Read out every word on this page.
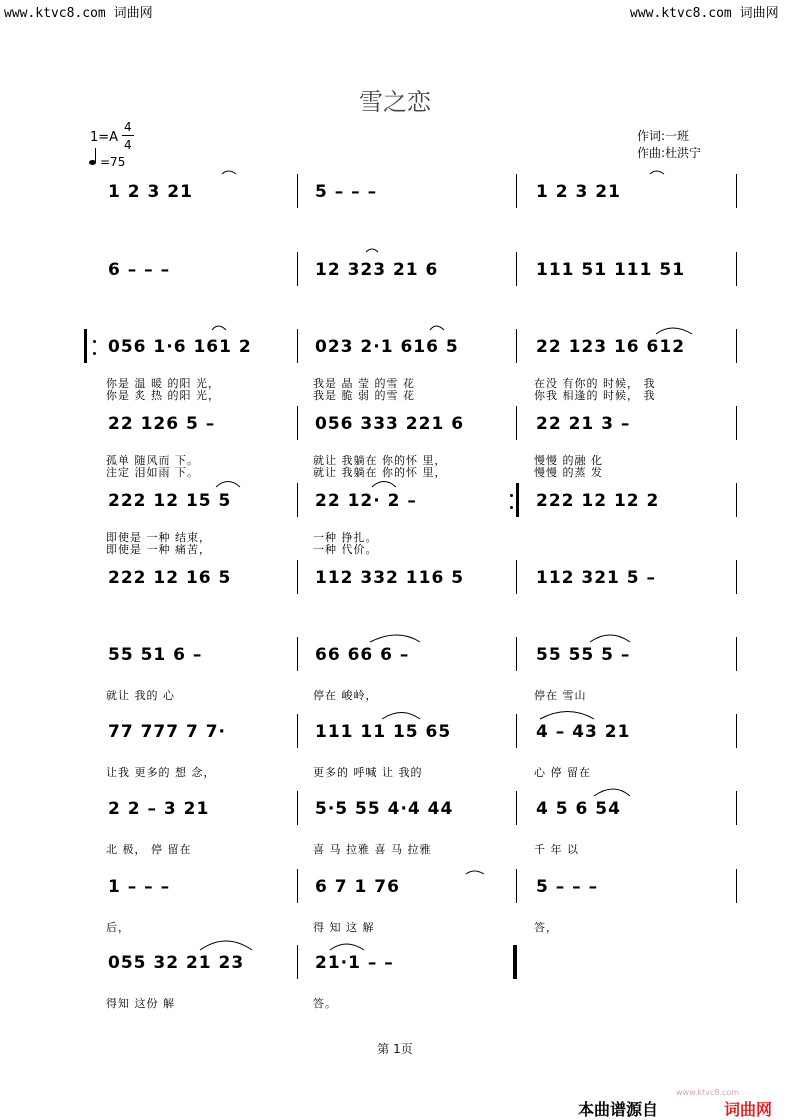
www.ktvc8.com 词曲网	www.ktvc8.com 词曲网
雪之恋
1=A
4
4
=75
作词:一班
作曲:杜洪宁
1 2 3 21	5 – – –	1 2 3 21
6 – – –	12 323 21 6	111 51 111 51
056 1·6 161 2	023 2·1 616 5	22 123 16 612
你是 温 暖 的阳 光，	我是 晶 莹 的雪 花	在没 有你的 时候， 我
你是 炙 热 的阳 光，	我是 脆 弱 的雪 花	你我 相逢的 时候， 我
22 126 5 –	056 333 221 6	22 21 3 –
孤单 随风而 下。	就让 我躺在 你的怀 里，	慢慢 的融 化
注定 泪如雨 下。	就让 我躺在 你的怀 里，	慢慢 的蒸 发
222 12 15 5	22 12· 2 –	222 12 12 2
即使是 一种 结束，	一种 挣扎。
即使是 一种 痛苦，	一种 代价。
222 12 16 5	112 332 116 5	112 321 5 –
55 51 6 –	66 66 6 –	55 55 5 –
就让 我的 心	停在 峻岭，	停在 雪山
77 777 7 7·	111 11 15 65	4 – 43 21
让我 更多的 想 念，	更多的 呼喊 让 我的	心 停 留在
2 2 – 3 21	5·5 55 4·4 44	4 5 6 54
北 极， 停 留在	喜 马 拉雅 喜 马 拉雅	千 年 以
1 – – –	6 7 1 76	5 – – –
后，	得 知 这 解	答，
055 32 21 23	21·1 – –
得知 这份 解	答。
第 1页
www.ktvc8.com
本曲谱源自	词曲网
